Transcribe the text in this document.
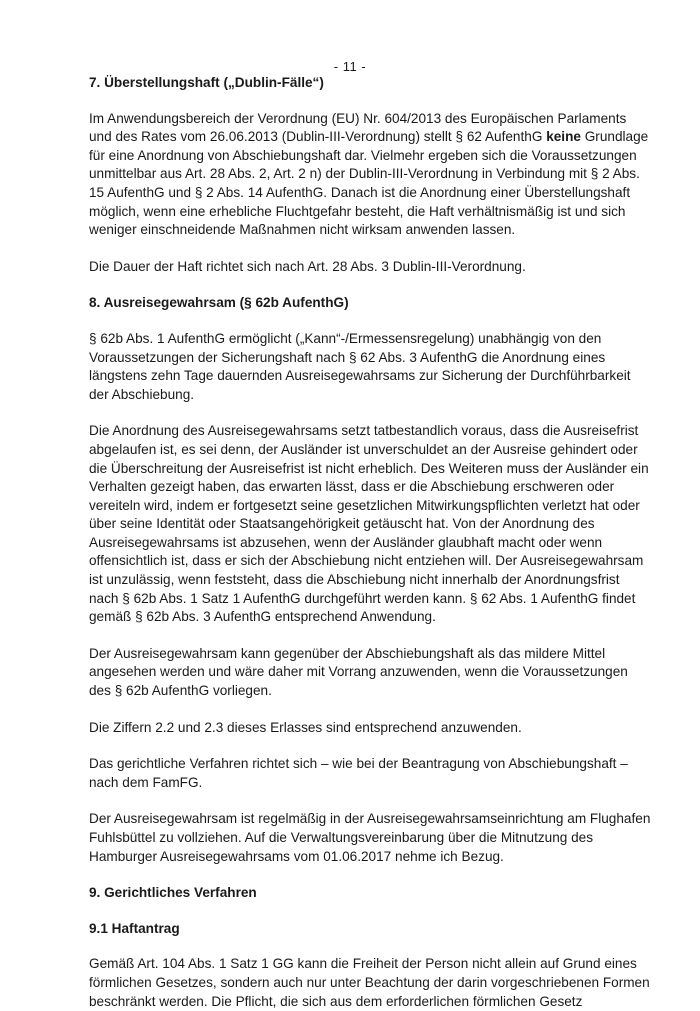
- 11 -
7. Überstellungshaft („Dublin-Fälle“)

Im Anwendungsbereich der Verordnung (EU) Nr. 604/2013 des Europäischen Parlaments und des Rates vom 26.06.2013 (Dublin-III-Verordnung) stellt § 62 AufenthG keine Grundlage für eine Anordnung von Abschiebungshaft dar. Vielmehr ergeben sich die Voraussetzungen unmittelbar aus Art. 28 Abs. 2, Art. 2 n) der Dublin-III-Verordnung in Verbindung mit § 2 Abs. 15 AufenthG und § 2 Abs. 14 AufenthG. Danach ist die Anordnung einer Überstellungshaft möglich, wenn eine erhebliche Fluchtgefahr besteht, die Haft verhältnismäßig ist und sich weniger einschneidende Maßnahmen nicht wirksam anwenden lassen.

Die Dauer der Haft richtet sich nach Art. 28 Abs. 3 Dublin-III-Verordnung.

8. Ausreisegewahrsam (§ 62b AufenthG)

§ 62b Abs. 1 AufenthG ermöglicht („Kann“-/Ermessensregelung) unabhängig von den Voraussetzungen der Sicherungshaft nach § 62 Abs. 3 AufenthG die Anordnung eines längstens zehn Tage dauernden Ausreisegewahrsams zur Sicherung der Durchführbarkeit der Abschiebung.

Die Anordnung des Ausreisegewahrsams setzt tatbestandlich voraus, dass die Ausreisefrist abgelaufen ist, es sei denn, der Ausländer ist unverschuldet an der Ausreise gehindert oder die Überschreitung der Ausreisefrist ist nicht erheblich. Des Weiteren muss der Ausländer ein Verhalten gezeigt haben, das erwarten lässt, dass er die Abschiebung erschweren oder vereiteln wird, indem er fortgesetzt seine gesetzlichen Mitwirkungspflichten verletzt hat oder über seine Identität oder Staatsangehörigkeit getäuscht hat. Von der Anordnung des Ausreisegewahrsams ist abzusehen, wenn der Ausländer glaubhaft macht oder wenn offensichtlich ist, dass er sich der Abschiebung nicht entziehen will. Der Ausreisegewahrsam ist unzulässig, wenn feststeht, dass die Abschiebung nicht innerhalb der Anordnungsfrist nach § 62b Abs. 1 Satz 1 AufenthG durchgeführt werden kann. § 62 Abs. 1 AufenthG findet gemäß § 62b Abs. 3 AufenthG entsprechend Anwendung.

Der Ausreisegewahrsam kann gegenüber der Abschiebungshaft als das mildere Mittel angesehen werden und wäre daher mit Vorrang anzuwenden, wenn die Voraussetzungen des § 62b AufenthG vorliegen.

Die Ziffern 2.2 und 2.3 dieses Erlasses sind entsprechend anzuwenden.

Das gerichtliche Verfahren richtet sich – wie bei der Beantragung von Abschiebungshaft – nach dem FamFG.

Der Ausreisegewahrsam ist regelmäßig in der Ausreisegewahrsamseinrichtung am Flughafen Fuhlsbüttel zu vollziehen. Auf die Verwaltungsvereinbarung über die Mitnutzung des Hamburger Ausreisegewahrsams vom 01.06.2017 nehme ich Bezug.

9. Gerichtliches Verfahren
9.1 Haftantrag

Gemäß Art. 104 Abs. 1 Satz 1 GG kann die Freiheit der Person nicht allein auf Grund eines förmlichen Gesetzes, sondern auch nur unter Beachtung der darin vorgeschriebenen Formen beschränkt werden. Die Pflicht, die sich aus dem erforderlichen förmlichen Gesetz
